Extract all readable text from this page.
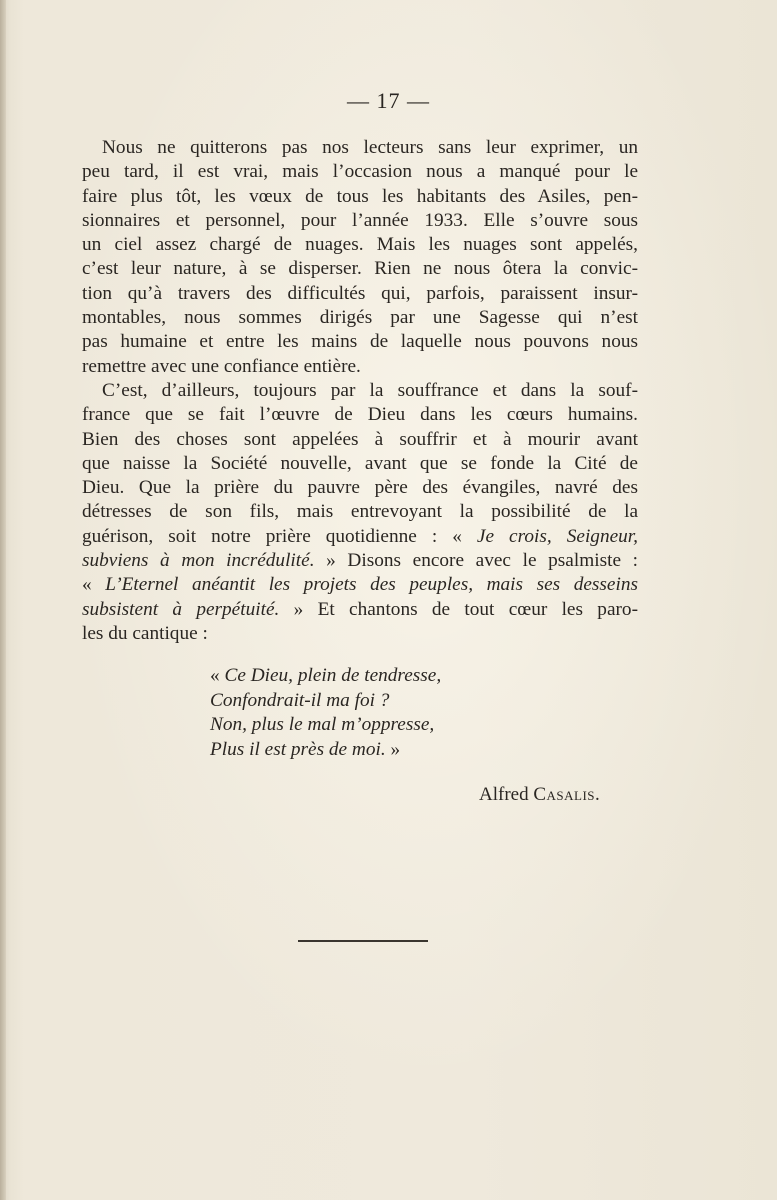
— 17 —

Nous ne quitterons pas nos lecteurs sans leur exprimer, un
peu tard, il est vrai, mais l’occasion nous a manqué pour le
faire plus tôt, les vœux de tous les habitants des Asiles, pen-
sionnaires et personnel, pour l’année 1933. Elle s’ouvre sous
un ciel assez chargé de nuages. Mais les nuages sont appelés,
c’est leur nature, à se disperser. Rien ne nous ôtera la convic-
tion qu’à travers des difficultés qui, parfois, paraissent insur-
montables, nous sommes dirigés par une Sagesse qui n’est
pas humaine et entre les mains de laquelle nous pouvons nous
remettre avec une confiance entière.

C’est, d’ailleurs, toujours par la souffrance et dans la souf-
france que se fait l’œuvre de Dieu dans les cœurs humains.
Bien des choses sont appelées à souffrir et à mourir avant
que naisse la Société nouvelle, avant que se fonde la Cité de
Dieu. Que la prière du pauvre père des évangiles, navré des
détresses de son fils, mais entrevoyant la possibilité de la
guérison, soit notre prière quotidienne : « Je crois, Seigneur,
subviens à mon incrédulité. » Disons encore avec le psalmiste :
« L’Eternel anéantit les projets des peuples, mais ses desseins
subsistent à perpétuité. » Et chantons de tout cœur les paro-
les du cantique :

« Ce Dieu, plein de tendresse,
Confondrait-il ma foi ?
Non, plus le mal m’oppresse,
Plus il est près de moi. »
Alfred Casalis.
